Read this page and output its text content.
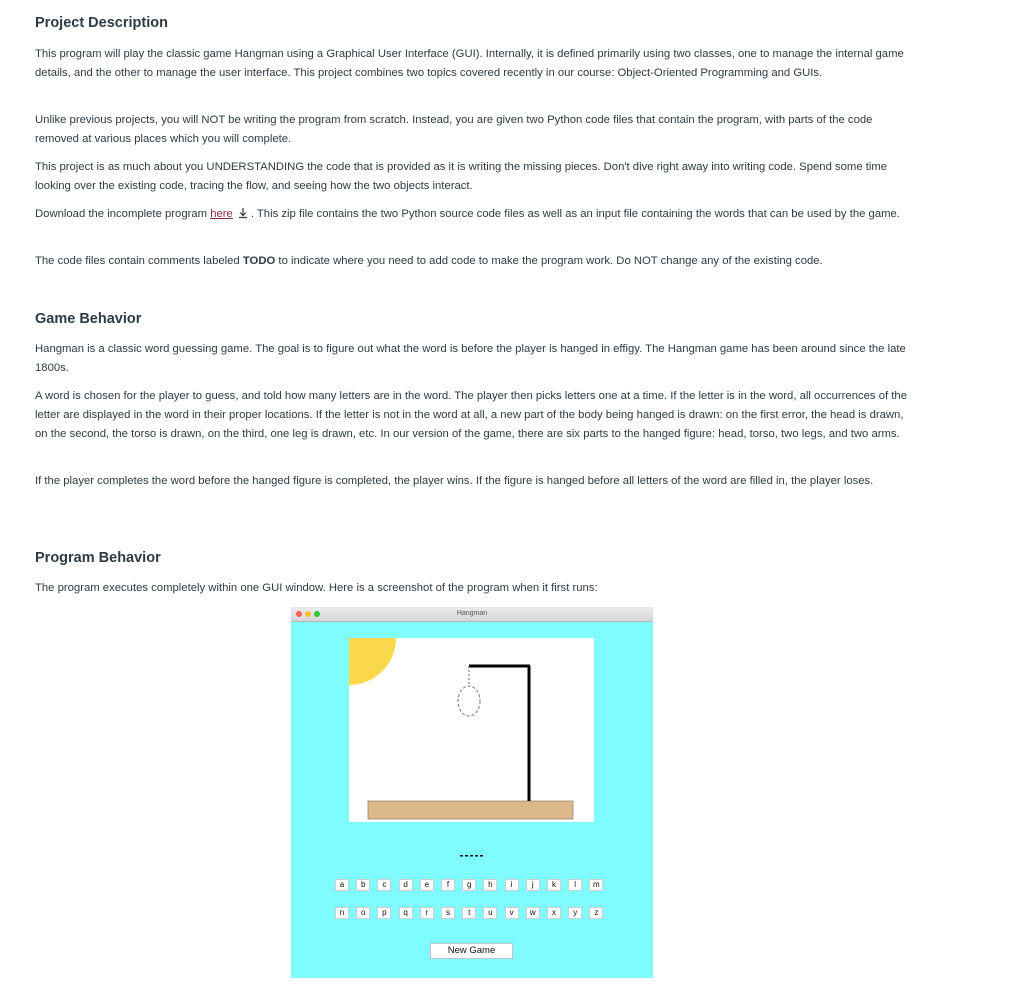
Project Description

This program will play the classic game Hangman using a Graphical User Interface (GUI). Internally, it is defined primarily using two classes, one to manage the internal game details, and the other to manage the user interface. This project combines two topics covered recently in our course: Object-Oriented Programming and GUIs.

Unlike previous projects, you will NOT be writing the program from scratch. Instead, you are given two Python code files that contain the program, with parts of the code removed at various places which you will complete.

This project is as much about you UNDERSTANDING the code that is provided as it is writing the missing pieces. Don't dive right away into writing code. Spend some time looking over the existing code, tracing the flow, and seeing how the two objects interact.

Download the incomplete program here . This zip file contains the two Python source code files as well as an input file containing the words that can be used by the game.

The code files contain comments labeled TODO to indicate where you need to add code to make the program work. Do NOT change any of the existing code.

Game Behavior

Hangman is a classic word guessing game. The goal is to figure out what the word is before the player is hanged in effigy. The Hangman game has been around since the late 1800s.

A word is chosen for the player to guess, and told how many letters are in the word. The player then picks letters one at a time. If the letter is in the word, all occurrences of the letter are displayed in the word in their proper locations. If the letter is not in the word at all, a new part of the body being hanged is drawn: on the first error, the head is drawn, on the second, the torso is drawn, on the third, one leg is drawn, etc. In our version of the game, there are six parts to the hanged figure: head, torso, two legs, and two arms.

If the player completes the word before the hanged figure is completed, the player wins. If the figure is hanged before all letters of the word are filled in, the player loses.

Program Behavior

The program executes completely within one GUI window. Here is a screenshot of the program when it first runs:

Hangman
-----
a	b	c	d	e	f	g	h	i	j	k	l	m
n	o	p	q	r	s	t	u	v	w	x	y	z
New Game
